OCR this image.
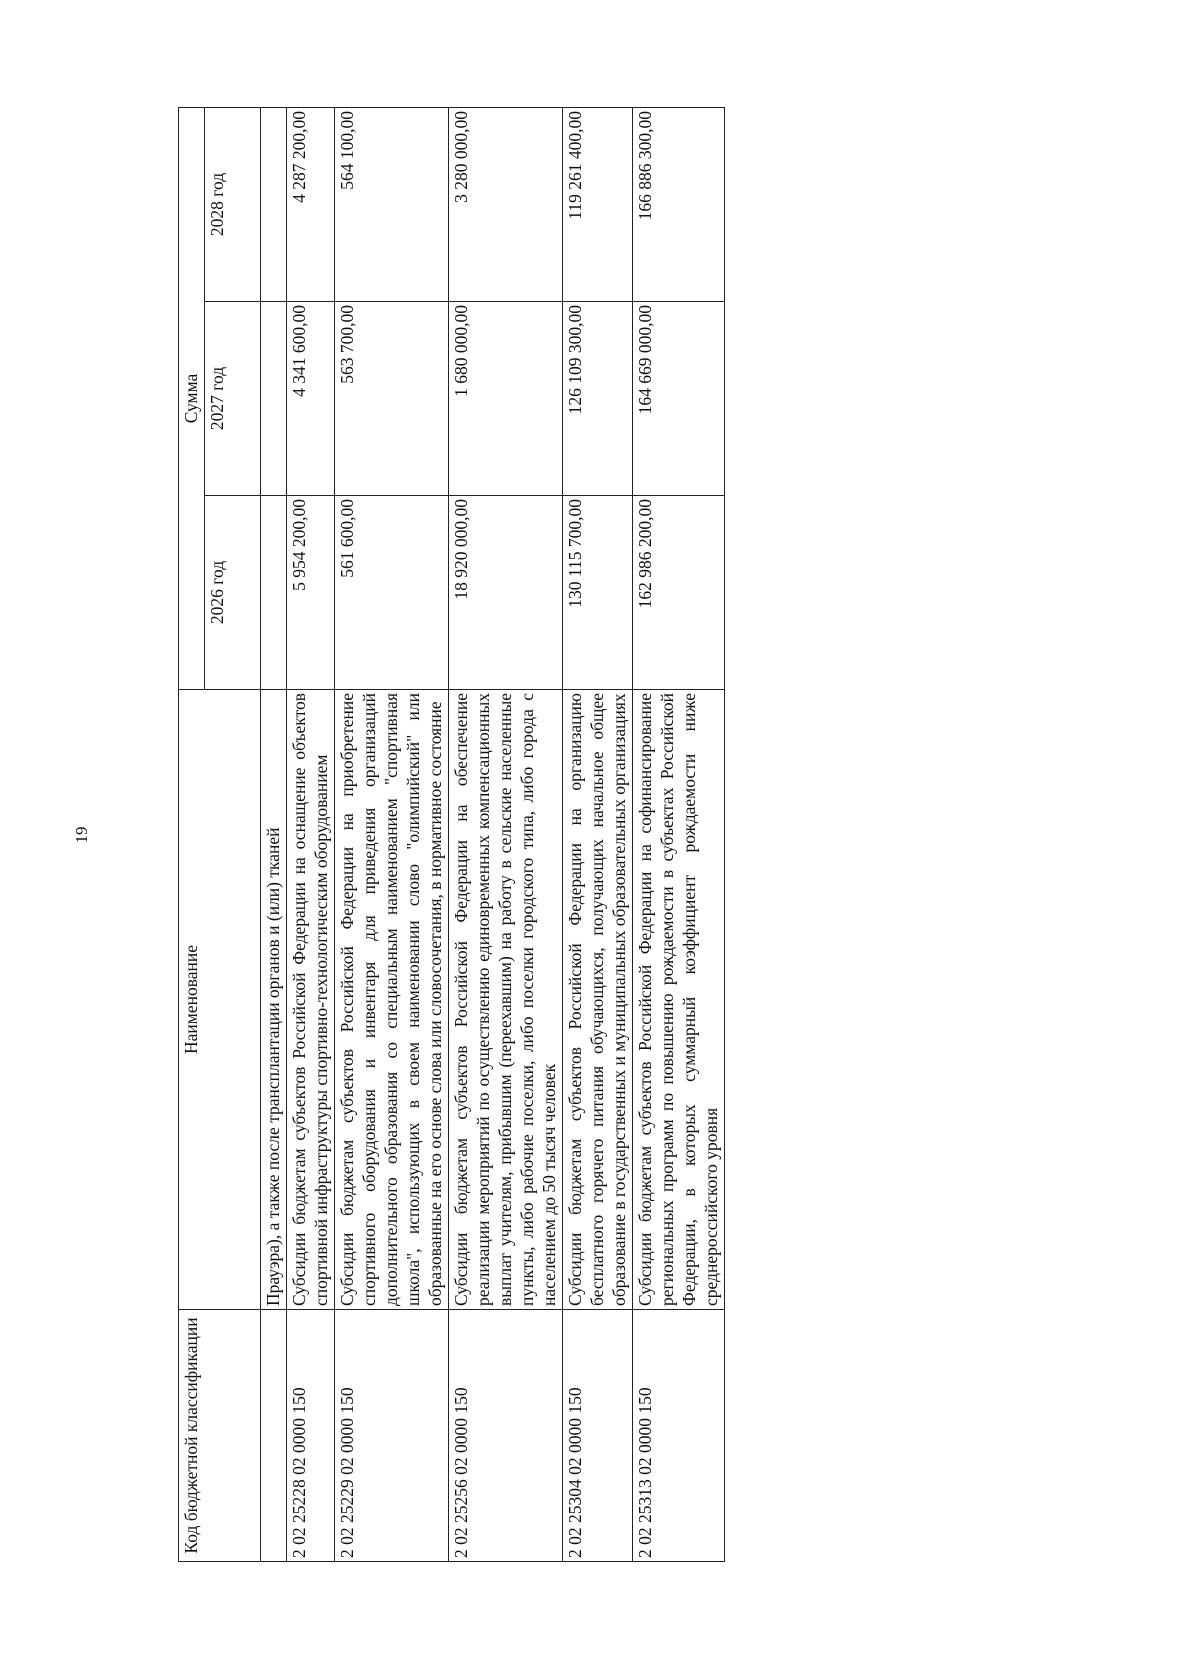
19
Код бюджетной классификации	Наименование	Сумма		
		2026 год	2027 год	2028 год
	Прауэра), а также после трансплантации органов и (или) тканей			
2 02 25228 02 0000 150	Субсидии бюджетам субъектов Российской Федерации на оснащение объектов спортивной инфраструктуры спортивно-технологическим оборудованием	5 954 200,00	4 341 600,00	4 287 200,00
2 02 25229 02 0000 150	Субсидии бюджетам субъектов Российской Федерации на приобретение спортивного оборудования и инвентаря для приведения организаций дополнительного образования со специальным наименованием "спортивная школа", использующих в своем наименовании слово "олимпийский" или образованные на его основе слова или словосочетания, в нормативное состояние	561 600,00	563 700,00	564 100,00
2 02 25256 02 0000 150	Субсидии бюджетам субъектов Российской Федерации на обеспечение реализации мероприятий по осуществлению единовременных компенсационных выплат учителям, прибывшим (переехавшим) на работу в сельские населенные пункты, либо рабочие поселки, либо поселки городского типа, либо города с населением до 50 тысяч человек	18 920 000,00	1 680 000,00	3 280 000,00
2 02 25304 02 0000 150	Субсидии бюджетам субъектов Российской Федерации на организацию бесплатного горячего питания обучающихся, получающих начальное общее образование в государственных и муниципальных образовательных организациях	130 115 700,00	126 109 300,00	119 261 400,00
2 02 25313 02 0000 150	Субсидии бюджетам субъектов Российской Федерации на софинансирование региональных программ по повышению рождаемости в субъектах Российской Федерации, в которых суммарный коэффициент рождаемости ниже среднероссийского уровня	162 986 200,00	164 669 000,00	166 886 300,00
